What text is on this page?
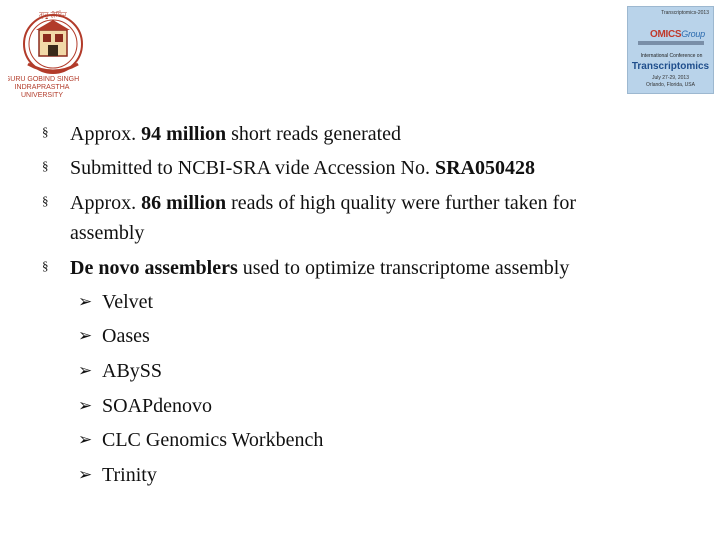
ਗੁਰੂ ਗੋਬਿੰਦ
GURU GOBIND SINGH
INDRAPRASTHA
UNIVERSITY
Transcriptomics-2013
OMICSGroup
International Conference on
Transcriptomics
July 27-29, 2013
Orlando, Florida, USA
§ Approx. 94 million short reads generated
§ Submitted to NCBI-SRA vide Accession No. SRA050428
§ Approx. 86 million reads of high quality were further taken for
assembly
§ De novo assemblers used to optimize transcriptome assembly
➢ Velvet
➢ Oases
➢ ABySS
➢ SOAPdenovo
➢ CLC Genomics Workbench
➢ Trinity
